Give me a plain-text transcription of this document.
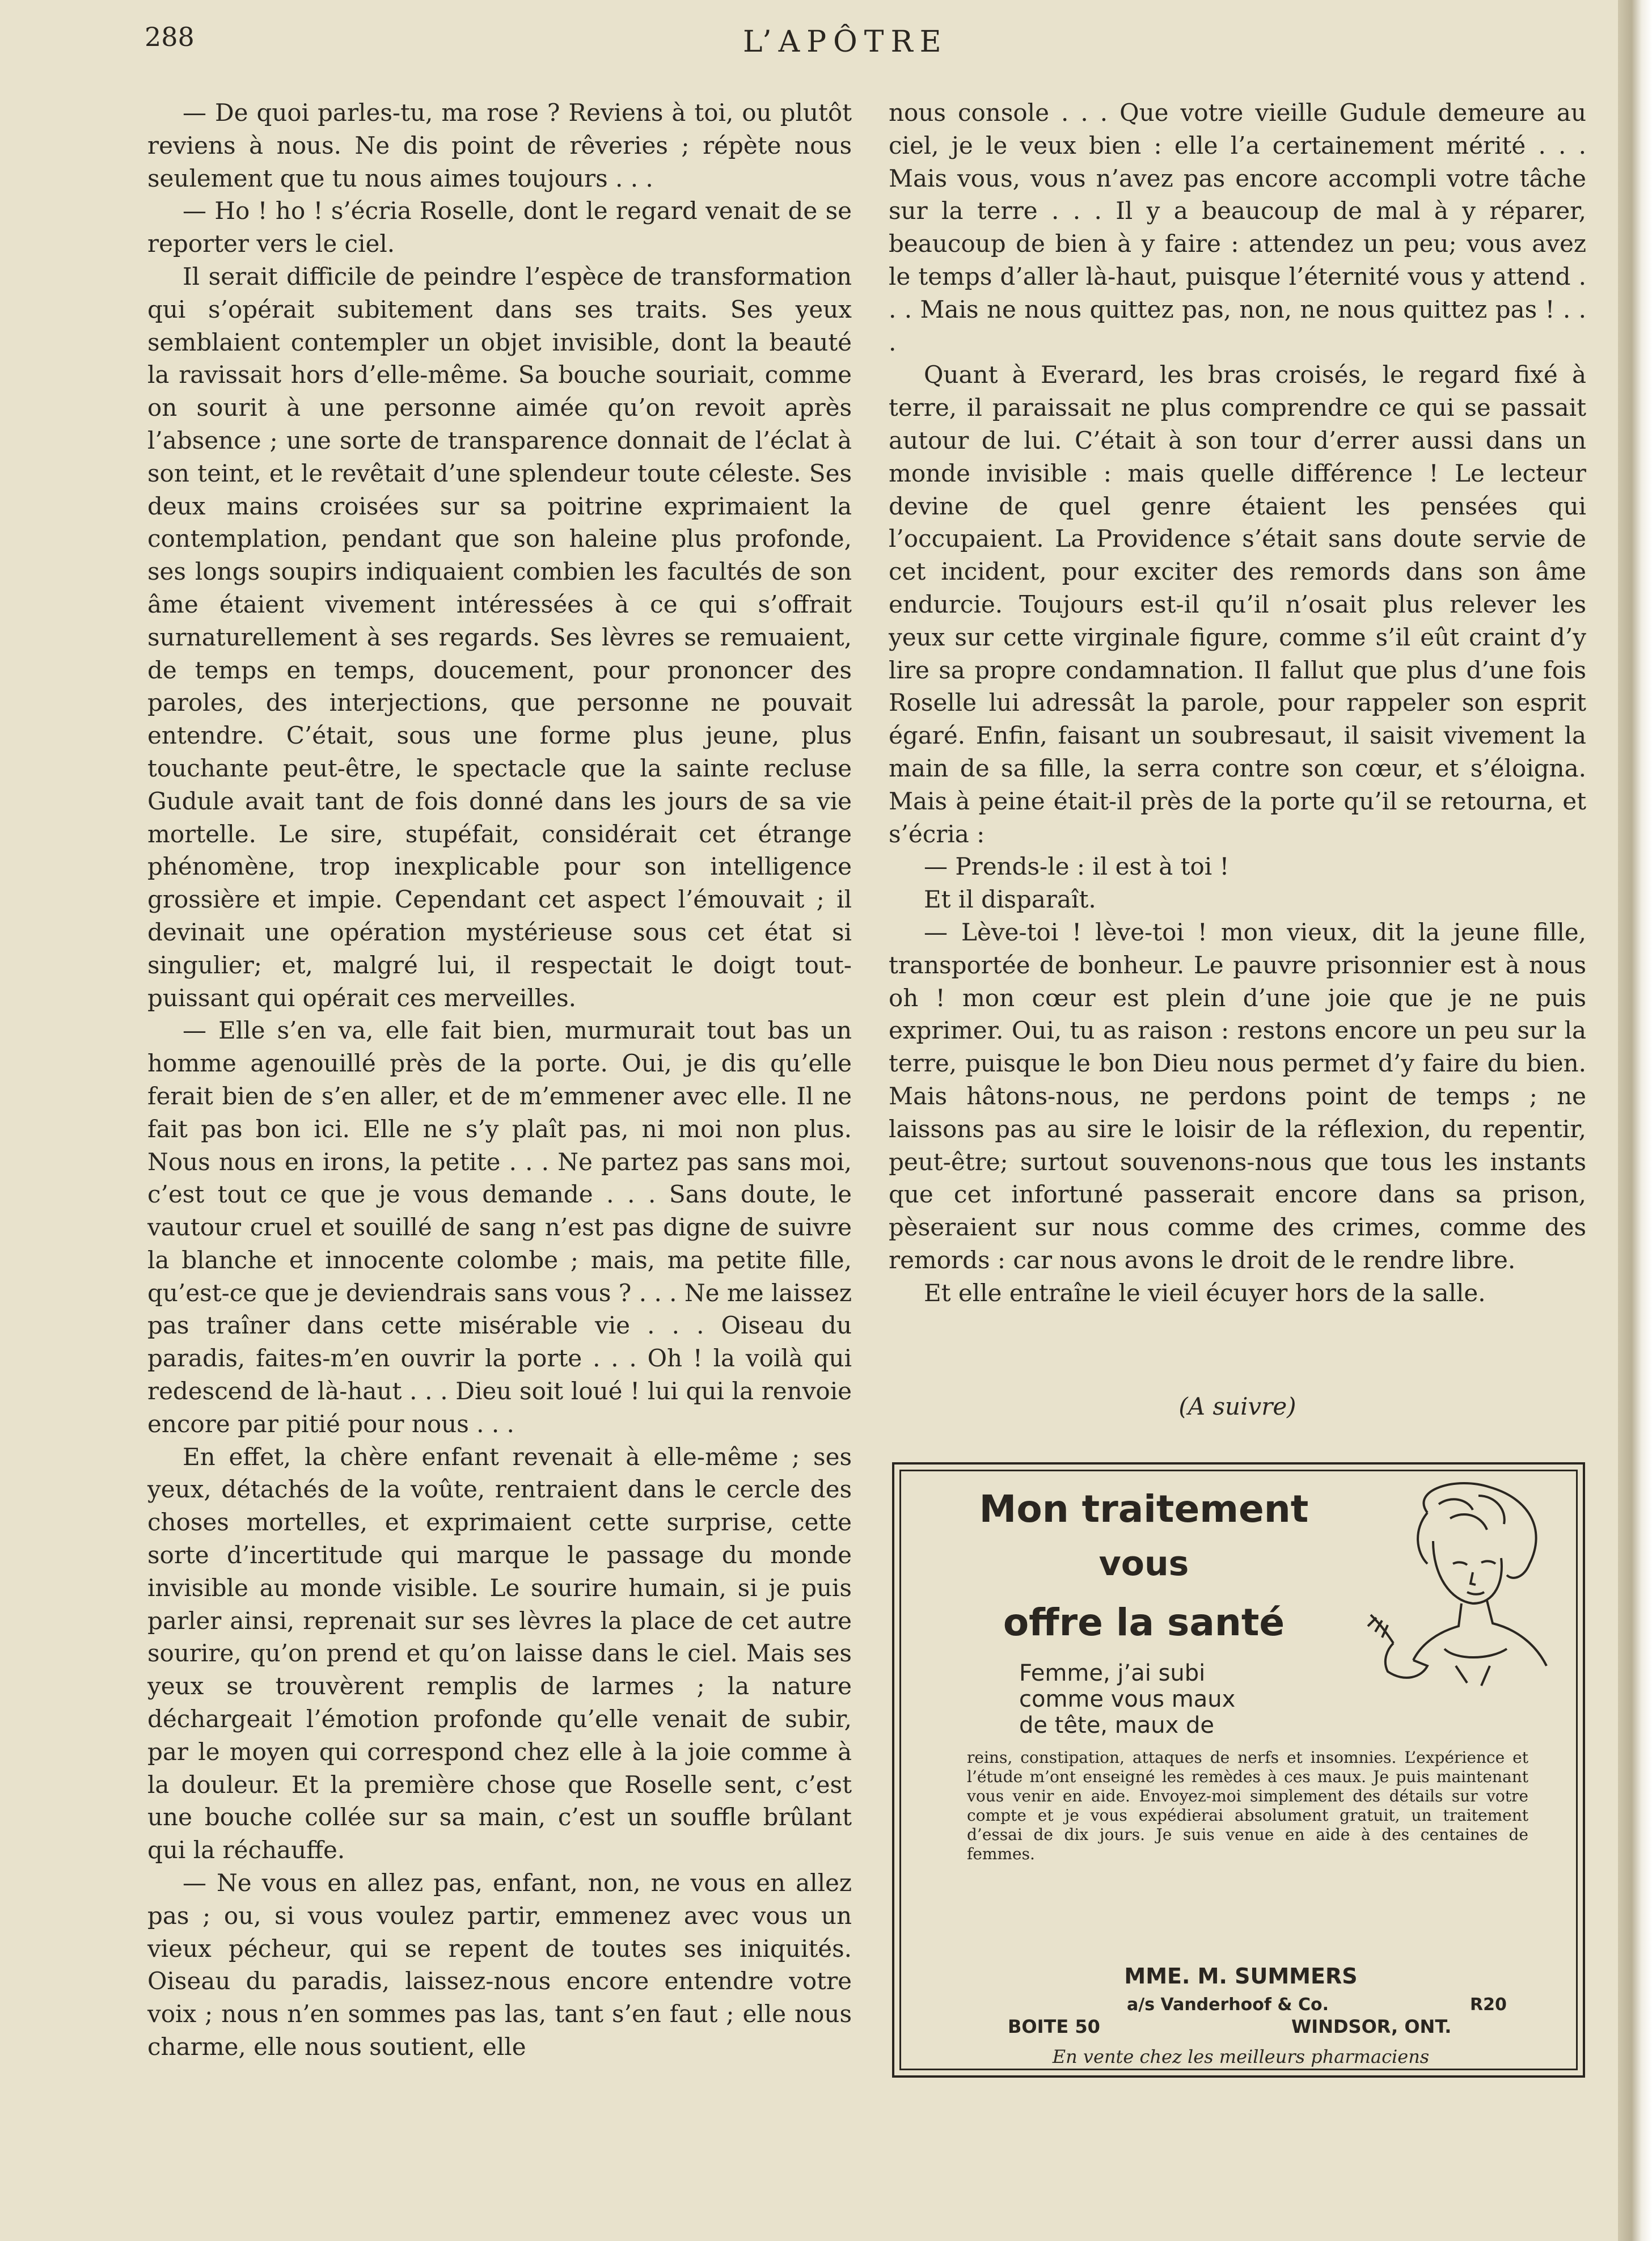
288	L’APÔTRE

— De quoi parles-tu, ma rose ? Reviens à toi, ou plutôt reviens à nous. Ne dis point de rêveries ; répète nous seulement que tu nous aimes toujours . . .

— Ho ! ho ! s’écria Roselle, dont le regard venait de se reporter vers le ciel.

Il serait difficile de peindre l’espèce de transformation qui s’opérait subitement dans ses traits. Ses yeux semblaient contempler un objet invisible, dont la beauté la ravissait hors d’elle-même. Sa bouche souriait, comme on sourit à une personne aimée qu’on revoit après l’absence ; une sorte de transparence donnait de l’éclat à son teint, et le revêtait d’une splendeur toute céleste. Ses deux mains croisées sur sa poitrine exprimaient la contemplation, pendant que son haleine plus profonde, ses longs soupirs indiquaient combien les facultés de son âme étaient vivement intéressées à ce qui s’offrait surnaturellement à ses regards. Ses lèvres se remuaient, de temps en temps, doucement, pour prononcer des paroles, des interjections, que personne ne pouvait entendre. C’était, sous une forme plus jeune, plus touchante peut-être, le spectacle que la sainte recluse Gudule avait tant de fois donné dans les jours de sa vie mortelle. Le sire, stupéfait, considérait cet étrange phénomène, trop inexplicable pour son intelligence grossière et impie. Cependant cet aspect l’émouvait ; il devinait une opération mystérieuse sous cet état si singulier; et, malgré lui, il respectait le doigt tout-puissant qui opérait ces merveilles.

— Elle s’en va, elle fait bien, murmurait tout bas un homme agenouillé près de la porte. Oui, je dis qu’elle ferait bien de s’en aller, et de m’emmener avec elle. Il ne fait pas bon ici. Elle ne s’y plaît pas, ni moi non plus. Nous nous en irons, la petite . . . Ne partez pas sans moi, c’est tout ce que je vous demande . . . Sans doute, le vautour cruel et souillé de sang n’est pas digne de suivre la blanche et innocente colombe ; mais, ma petite fille, qu’est-ce que je deviendrais sans vous ? . . . Ne me laissez pas traîner dans cette misérable vie . . . Oiseau du paradis, faites-m’en ouvrir la porte . . . Oh ! la voilà qui redescend de là-haut . . . Dieu soit loué ! lui qui la renvoie encore par pitié pour nous . . .

En effet, la chère enfant revenait à elle-même ; ses yeux, détachés de la voûte, rentraient dans le cercle des choses mortelles, et exprimaient cette surprise, cette sorte d’incertitude qui marque le passage du monde invisible au monde visible. Le sourire humain, si je puis parler ainsi, reprenait sur ses lèvres la place de cet autre sourire, qu’on prend et qu’on laisse dans le ciel. Mais ses yeux se trouvèrent remplis de larmes ; la nature déchargeait l’émotion profonde qu’elle venait de subir, par le moyen qui correspond chez elle à la joie comme à la douleur. Et la première chose que Roselle sent, c’est une bouche collée sur sa main, c’est un souffle brûlant qui la réchauffe.

— Ne vous en allez pas, enfant, non, ne vous en allez pas ; ou, si vous voulez partir, emmenez avec vous un vieux pécheur, qui se repent de toutes ses iniquités. Oiseau du paradis, laissez-nous encore entendre votre voix ; nous n’en sommes pas las, tant s’en faut ; elle nous charme, elle nous soutient, elle

nous console . . . Que votre vieille Gudule demeure au ciel, je le veux bien : elle l’a certainement mérité . . . Mais vous, vous n’avez pas encore accompli votre tâche sur la terre . . . Il y a beaucoup de mal à y réparer, beaucoup de bien à y faire : attendez un peu; vous avez le temps d’aller là-haut, puisque l’éternité vous y attend . . . Mais ne nous quittez pas, non, ne nous quittez pas ! . . .

Quant à Everard, les bras croisés, le regard fixé à terre, il paraissait ne plus comprendre ce qui se passait autour de lui. C’était à son tour d’errer aussi dans un monde invisible : mais quelle différence ! Le lecteur devine de quel genre étaient les pensées qui l’occupaient. La Providence s’était sans doute servie de cet incident, pour exciter des remords dans son âme endurcie. Toujours est-il qu’il n’osait plus relever les yeux sur cette virginale figure, comme s’il eût craint d’y lire sa propre condamnation. Il fallut que plus d’une fois Roselle lui adressât la parole, pour rappeler son esprit égaré. Enfin, faisant un soubresaut, il saisit vivement la main de sa fille, la serra contre son cœur, et s’éloigna. Mais à peine était-il près de la porte qu’il se retourna, et s’écria :

— Prends-le : il est à toi !

Et il disparaît.

— Lève-toi ! lève-toi ! mon vieux, dit la jeune fille, transportée de bonheur. Le pauvre prisonnier est à nous oh ! mon cœur est plein d’une joie que je ne puis exprimer. Oui, tu as raison : restons encore un peu sur la terre, puisque le bon Dieu nous permet d’y faire du bien. Mais hâtons-nous, ne perdons point de temps ; ne laissons pas au sire le loisir de la réflexion, du repentir, peut-être; surtout souvenons-nous que tous les instants que cet infortuné passerait encore dans sa prison, pèseraient sur nous comme des crimes, comme des remords : car nous avons le droit de le rendre libre.

Et elle entraîne le vieil écuyer hors de la salle.

(A suivre)
Mon traitement
vous
offre la santé
Femme, j’ai subi comme vous maux de tête, maux de
reins, constipation, attaques de nerfs et insomnies. L’expérience et l’étude m’ont enseigné les remèdes à ces maux. Je puis maintenant vous venir en aide. Envoyez-moi simplement des détails sur votre compte et je vous expédierai absolument gratuit, un traitement d’essai de dix jours. Je suis venue en aide à des centaines de femmes.
MME. M. SUMMERS
a/s Vanderhoof & Co.	R20
BOITE 50	WINDSOR, ONT.
En vente chez les meilleurs pharmaciens
